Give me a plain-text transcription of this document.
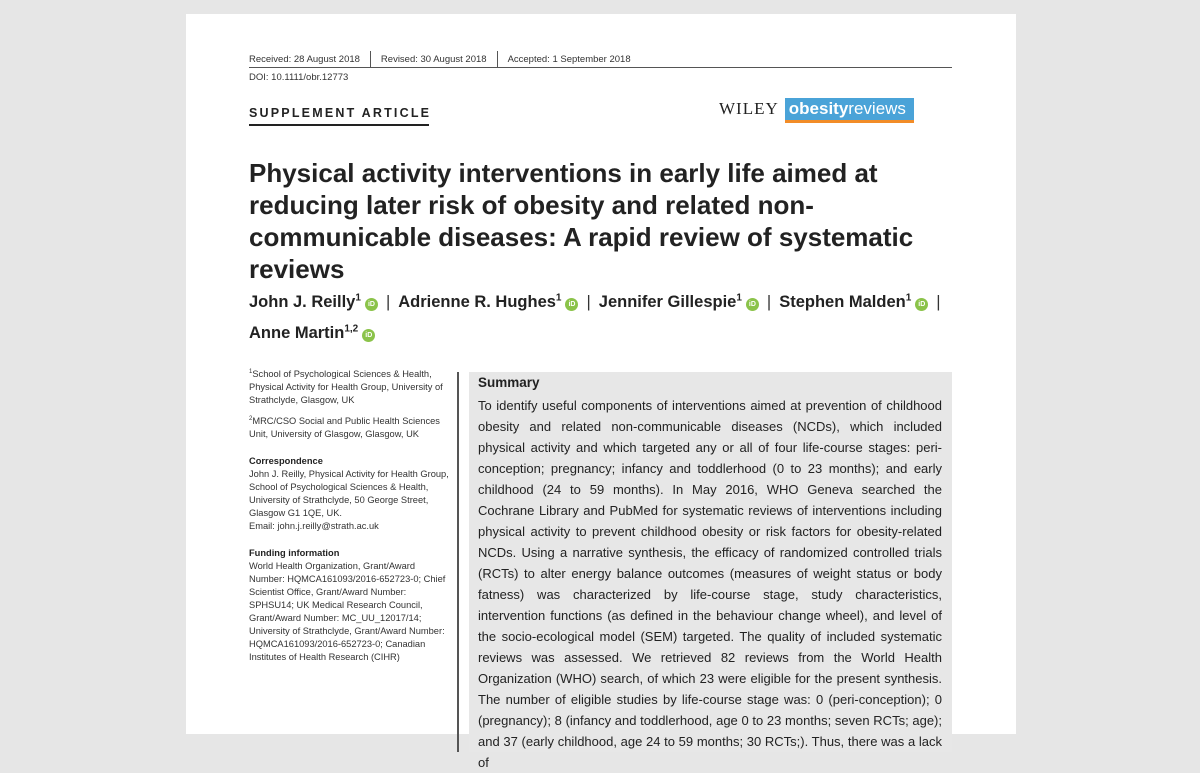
Received: 28 August 2018 Revised: 30 August 2018 Accepted: 1 September 2018
DOI: 10.1111/obr.12773
SUPPLEMENT ARTICLE	WILEY obesity reviews
Physical activity interventions in early life aimed at reducing later risk of obesity and related non-communicable diseases: A rapid review of systematic reviews
John J. Reilly$^1$iD | Adrienne R. Hughes$^1$iD | Jennifer Gillespie$^1$iD | Stephen Malden$^1$iD |
Anne Martin$^{1,2}$iD

$^1$School of Psychological Sciences & Health, Physical Activity for Health Group, University of Strathclyde, Glasgow, UK

$^2$MRC/CSO Social and Public Health Sciences Unit, University of Glasgow, Glasgow, UK

Correspondence

John J. Reilly, Physical Activity for Health Group, School of Psychological Sciences & Health, University of Strathclyde, 50 George Street, Glasgow G1 1QE, UK.

Email: john.j.reilly@strath.ac.uk

Funding information

World Health Organization, Grant/Award Number: HQMCA161093/2016-652723-0; Chief Scientist Office, Grant/Award Number: SPHSU14; UK Medical Research Council, Grant/Award Number: MC_UU_12017/14; University of Strathclyde, Grant/Award Number: HQMCA161093/2016-652723-0; Canadian Institutes of Health Research (CIHR)

Summary

To identify useful components of interventions aimed at prevention of childhood obesity and related non-communicable diseases (NCDs), which included physical activity and which targeted any or all of four life-course stages: peri-conception; pregnancy; infancy and toddlerhood (0 to 23 months); and early childhood (24 to 59 months). In May 2016, WHO Geneva searched the Cochrane Library and PubMed for systematic reviews of interventions including physical activity to prevent childhood obesity or risk factors for obesity-related NCDs. Using a narrative synthesis, the efficacy of randomized controlled trials (RCTs) to alter energy balance outcomes (measures of weight status or body fatness) was characterized by life-course stage, study characteristics, intervention functions (as defined in the behaviour change wheel), and level of the socio-ecological model (SEM) targeted. The quality of included systematic reviews was assessed. We retrieved 82 reviews from the World Health Organization (WHO) search, of which 23 were eligible for the present synthesis. The number of eligible studies by life-course stage was: 0 (peri-conception); 0 (pregnancy); 8 (infancy and toddlerhood, age 0 to 23 months; seven RCTs; age); and 37 (early childhood, age 24 to 59 months; 30 RCTs;). Thus, there was a lack of
